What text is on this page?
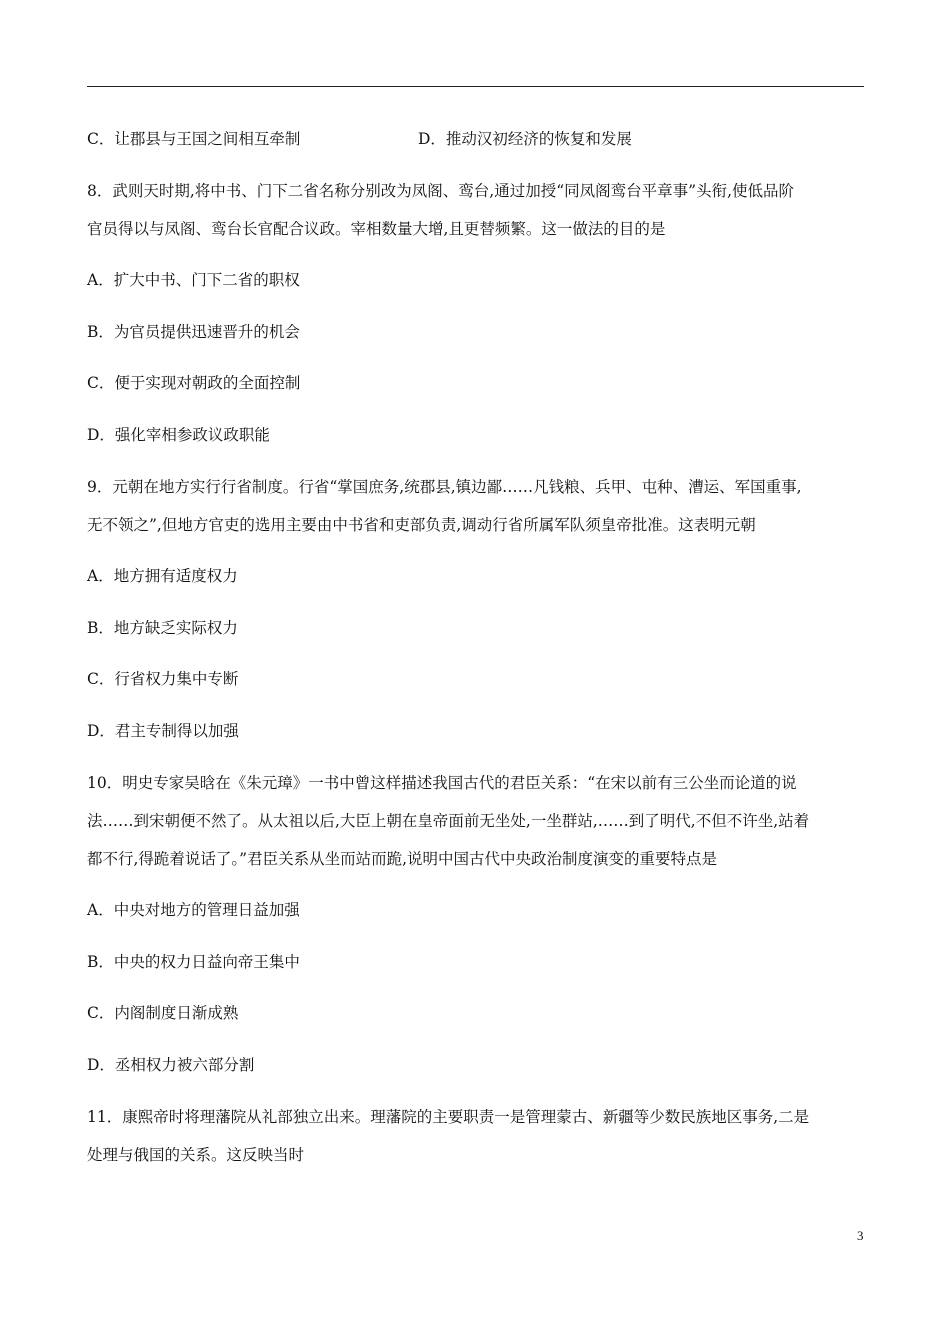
C．让郡县与王国之间相互牵制	D．推动汉初经济的恢复和发展
8．武则天时期,将中书、门下二省名称分别改为凤阁、鸾台,通过加授“同凤阁鸾台平章事”头衔,使低品阶
官员得以与凤阁、鸾台长官配合议政。宰相数量大增,且更替频繁。这一做法的目的是
A．扩大中书、门下二省的职权
B．为官员提供迅速晋升的机会
C．便于实现对朝政的全面控制
D．强化宰相参政议政职能
9．元朝在地方实行行省制度。行省“掌国庶务,统郡县,镇边鄙……凡钱粮、兵甲、屯种、漕运、军国重事,
无不领之”,但地方官吏的选用主要由中书省和吏部负责,调动行省所属军队须皇帝批准。这表明元朝
A．地方拥有适度权力
B．地方缺乏实际权力
C．行省权力集中专断
D．君主专制得以加强
10．明史专家吴晗在《朱元璋》一书中曾这样描述我国古代的君臣关系：“在宋以前有三公坐而论道的说
法……到宋朝便不然了。从太祖以后,大臣上朝在皇帝面前无坐处,一坐群站,……到了明代,不但不许坐,站着
都不行,得跪着说话了。”君臣关系从坐而站而跪,说明中国古代中央政治制度演变的重要特点是
A．中央对地方的管理日益加强
B．中央的权力日益向帝王集中
C．内阁制度日渐成熟
D．丞相权力被六部分割
11．康熙帝时将理藩院从礼部独立出来。理藩院的主要职责一是管理蒙古、新疆等少数民族地区事务,二是
处理与俄国的关系。这反映当时
3
